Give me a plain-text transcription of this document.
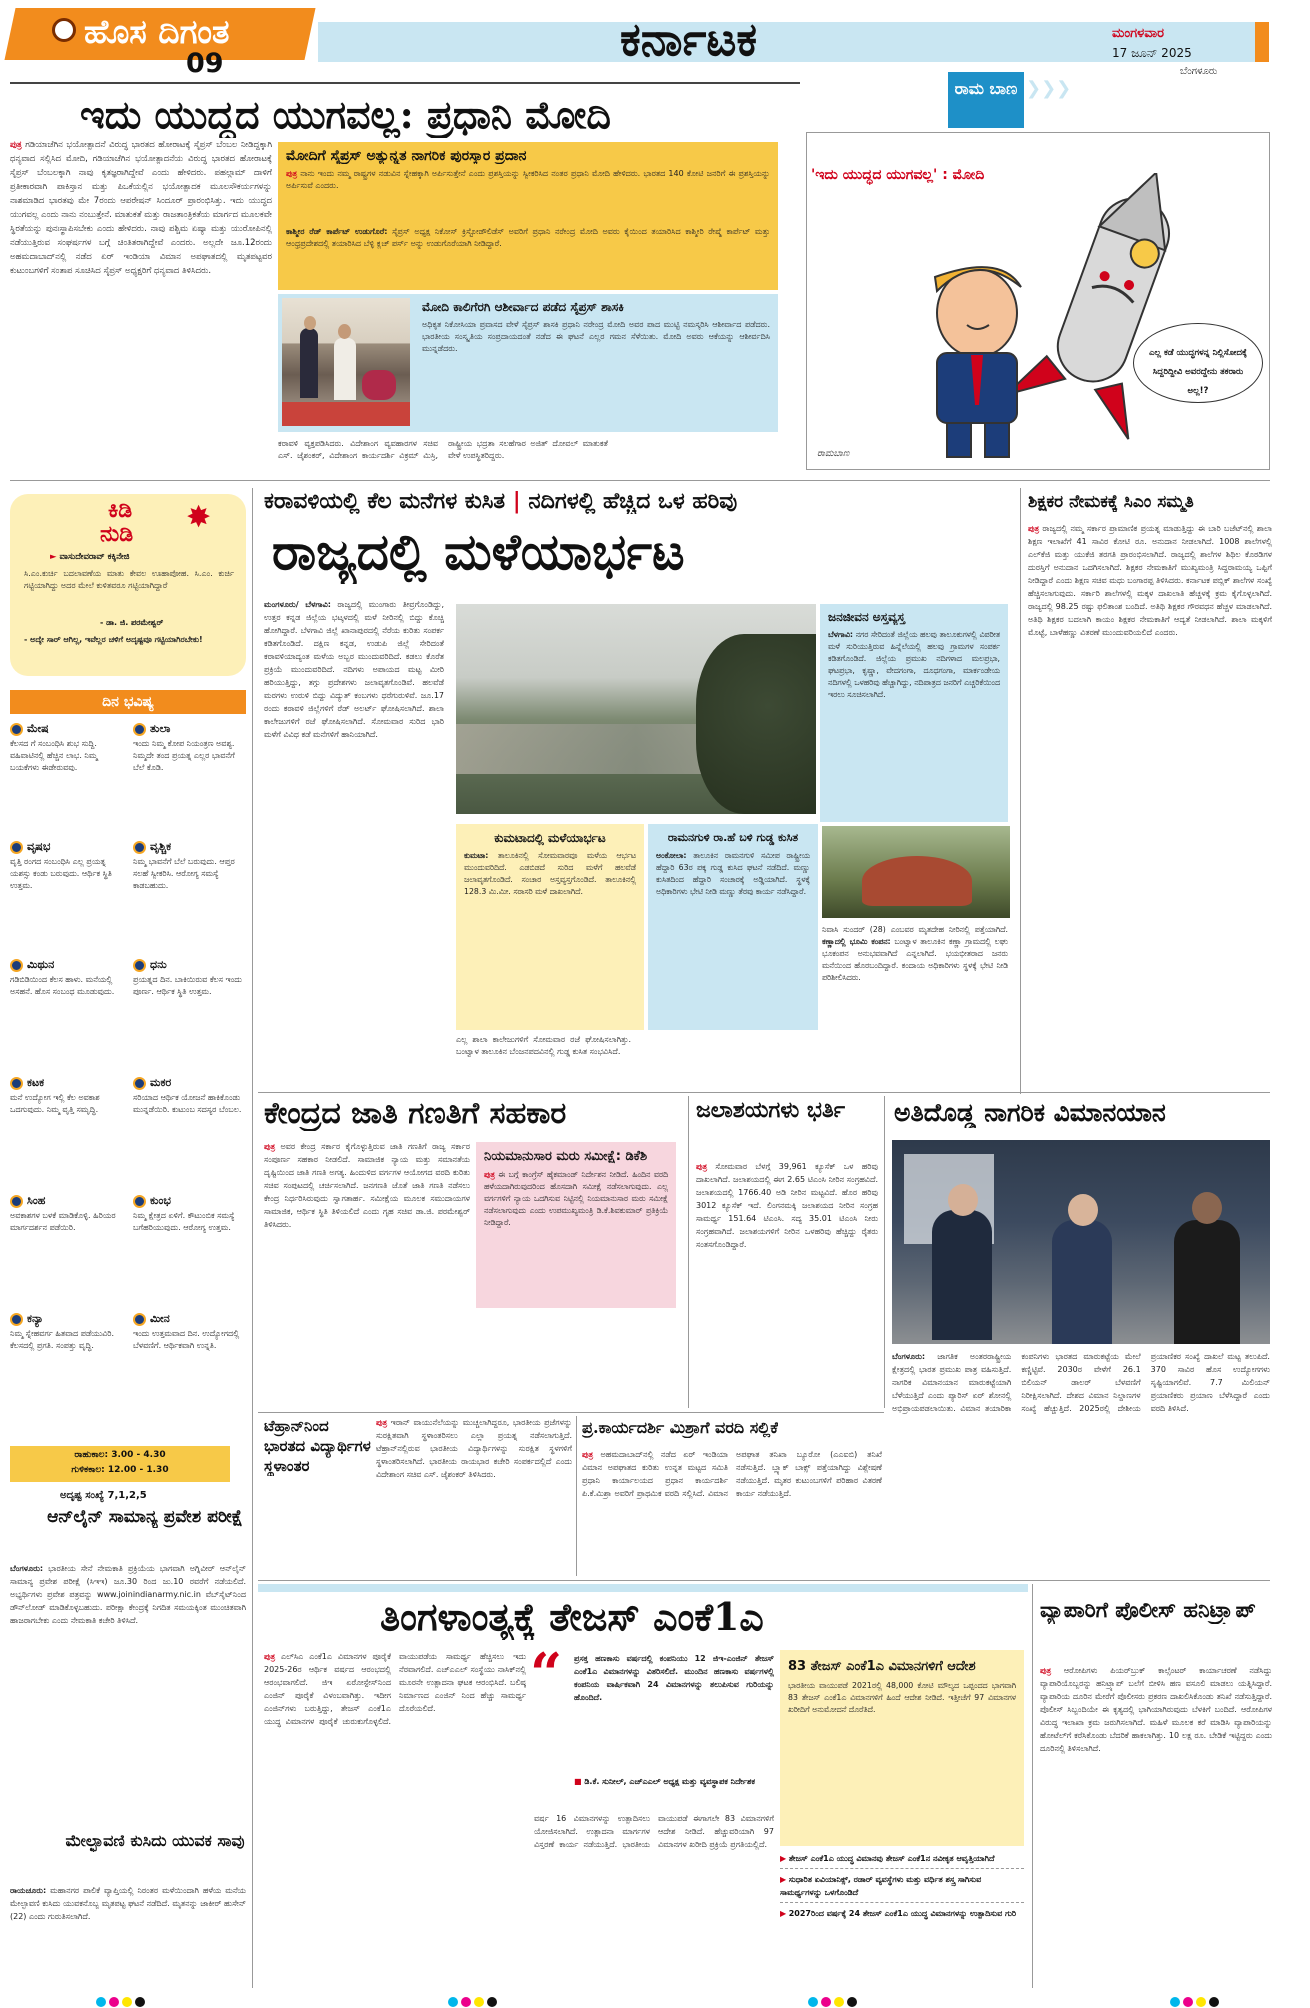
ಹೊಸ ದಿಗಂತ
09	ಕರ್ನಾಟಕ	ಮಂಗಳವಾರ
17 ಜೂನ್ 2025
ಬೆಂಗಳೂರು
ಇದು ಯುದ್ಧದ ಯುಗವಲ್ಲ: ಪ್ರಧಾನಿ ಮೋದಿ
ಪುತ್ರ ಗಡಿಯಾಚೆಗಿನ ಭಯೋತ್ಪಾದನೆ ವಿರುದ್ಧ ಭಾರತದ ಹೋರಾಟಕ್ಕೆ ಸೈಪ್ರಸ್ ಬೆಂಬಲ ನೀಡಿದ್ದಕ್ಕಾಗಿ ಧನ್ಯವಾದ ಸಲ್ಲಿಸಿದ ಮೋದಿ, ಗಡಿಯಾಚೆಗಿನ ಭಯೋತ್ಪಾದನೆಯ ವಿರುದ್ಧ ಭಾರತದ ಹೋರಾಟಕ್ಕೆ ಸೈಪ್ರಸ್ ಬೆಂಬಲಕ್ಕಾಗಿ ನಾವು ಕೃತಜ್ಞರಾಗಿದ್ದೇವೆ ಎಂದು ಹೇಳಿದರು. ಪಹಲ್ಗಾಮ್ ದಾಳಿಗೆ ಪ್ರತೀಕಾರವಾಗಿ ಪಾಕಿಸ್ತಾನ ಮತ್ತು ಪಿಒಕೆಯಲ್ಲಿನ ಭಯೋತ್ಪಾದಕ ಮೂಲಸೌಕರ್ಯಗಳನ್ನು ನಾಶಮಾಡಿದ ಭಾರತವು ಮೇ 7ರಂದು ಆಪರೇಷನ್ ಸಿಂದೂರ್ ಪ್ರಾರಂಭಿಸಿತ್ತು. ಇದು ಯುದ್ಧದ ಯುಗವಲ್ಲ ಎಂದು ನಾನು ನಂಬುತ್ತೇನೆ. ಮಾತುಕತೆ ಮತ್ತು ರಾಜತಾಂತ್ರಿಕತೆಯ ಮಾರ್ಗದ ಮೂಲಕವೇ ಸ್ಥಿರತೆಯನ್ನು ಪುನಃಸ್ಥಾಪಿಸಬೇಕು ಎಂದು ಹೇಳಿದರು. ನಾವು ಪಶ್ಚಿಮ ಏಷ್ಯಾ ಮತ್ತು ಯುರೋಪಿನಲ್ಲಿ ನಡೆಯುತ್ತಿರುವ ಸಂಘರ್ಷಗಳ ಬಗ್ಗೆ ಚಿಂತಿತರಾಗಿದ್ದೇವೆ ಎಂದರು. ಅಲ್ಲದೇ ಜೂ.12ರಂದು ಅಹಮದಾಬಾದ್‌ನಲ್ಲಿ ನಡೆದ ಏರ್ ಇಂಡಿಯಾ ವಿಮಾನ ಅಪಘಾತದಲ್ಲಿ ಮೃತಪಟ್ಟವರ ಕುಟುಂಬಗಳಿಗೆ ಸಂತಾಪ ಸೂಚಿಸಿದ ಸೈಪ್ರಸ್ ಅಧ್ಯಕ್ಷರಿಗೆ ಧನ್ಯವಾದ ತಿಳಿಸಿದರು.
ಮೋದಿಗೆ ಸೈಪ್ರಸ್ ಅತ್ಯುನ್ನತ ನಾಗರಿಕ ಪುರಸ್ಕಾರ ಪ್ರದಾನ
ಪುತ್ರ ನಾನು ಇಂದು ನಮ್ಮ ರಾಷ್ಟ್ರಗಳ ನಡುವಿನ ಸ್ನೇಹಕ್ಕಾಗಿ ಅರ್ಪಿಸುತ್ತೇನೆ ಎಂದು ಪ್ರಶಸ್ತಿಯನ್ನು ಸ್ವೀಕರಿಸಿದ ನಂತರ ಪ್ರಧಾನಿ ಮೋದಿ ಹೇಳಿದರು. ಭಾರತದ 140 ಕೋಟಿ ಜನರಿಗೆ ಈ ಪ್ರಶಸ್ತಿಯನ್ನು ಅರ್ಪಿಸುವೆ ಎಂದರು.
ಕಾಶ್ಮೀರ ರೆಡ್ ಕಾರ್ಪೆಟ್ ಉಡುಗೊರೆ: ಸೈಪ್ರಸ್ ಅಧ್ಯಕ್ಷ ನಿಕೋಸ್ ಕ್ರಿಸ್ಟೋಡೌಲಿಡೆಸ್ ಅವರಿಗೆ ಪ್ರಧಾನಿ ನರೇಂದ್ರ ಮೋದಿ ಅವರು ಕೈಯಿಂದ ತಯಾರಿಸಿದ ಕಾಶ್ಮೀರಿ ರೇಷ್ಮೆ ಕಾರ್ಪೆಟ್ ಮತ್ತು ಆಂಧ್ರಪ್ರದೇಶದಲ್ಲಿ ತಯಾರಿಸಿದ ಬೆಳ್ಳಿ ಕ್ಲಚ್ ಪರ್ಸ್ ಅನ್ನು ಉಡುಗೊರೆಯಾಗಿ ನೀಡಿದ್ದಾರೆ.
ಮೋದಿ ಕಾಲಿಗೆರಗಿ ಆಶೀರ್ವಾದ ಪಡೆದ ಸೈಪ್ರಸ್ ಶಾಸಕಿ
ಅಧಿಕೃತ ನಿಕೋಸಿಯಾ ಪ್ರವಾಸದ ವೇಳೆ ಸೈಪ್ರಸ್ ಶಾಸಕಿ ಪ್ರಧಾನಿ ನರೇಂದ್ರ ಮೋದಿ ಅವರ ಪಾದ ಮುಟ್ಟಿ ನಮಸ್ಕರಿಸಿ ಆಶೀರ್ವಾದ ಪಡೆದರು. ಭಾರತೀಯ ಸಂಸ್ಕೃತಿಯ ಸಂಪ್ರದಾಯದಂತೆ ನಡೆದ ಈ ಘಟನೆ ಎಲ್ಲರ ಗಮನ ಸೆಳೆಯಿತು. ಮೋದಿ ಅವರು ಆಕೆಯನ್ನು ಆಶೀರ್ವದಿಸಿ ಮುನ್ನಡೆದರು.
ಕರಾವಳಿ ವ್ಯಕ್ತಪಡಿಸಿದರು. ವಿದೇಶಾಂಗ ವ್ಯವಹಾರಗಳ ಸಚಿವ ಎಸ್. ಜೈಶಂಕರ್, ವಿದೇಶಾಂಗ ಕಾರ್ಯದರ್ಶಿ ವಿಕ್ರಮ್ ಮಿಸ್ರಿ, ರಾಷ್ಟ್ರೀಯ ಭದ್ರತಾ ಸಲಹೆಗಾರ ಅಜಿತ್ ದೋವಲ್ ಮಾತುಕತೆ ವೇಳೆ ಉಪಸ್ಥಿತರಿದ್ದರು.
ರಾಮ ಬಾಣ ❯❯❯
'ಇದು ಯುದ್ಧದ ಯುಗವಲ್ಲ' : ಮೋದಿ
ಎಲ್ಲ ಕಡೆ ಯುದ್ಧಗಳನ್ನ ನಿಲ್ಲಿಸೋದಕ್ಕೆ ಸಿದ್ದರಿದ್ದೀವಿ ಅವರದ್ದೇನು ತಕರಾರು ಅಲ್ಲ!?
ರಾಮಬಾಣ
ಕಿಡಿ
ನುಡಿ ✸
► ವಾಸುದೇವರಾವ್ ಕಕ್ಕಿನೇಜಿ
ಸಿ.ಎಂ.ಕುರ್ಚಿ ಬದಲಾವಣೆಯ ಮಾತು ಕೇವಲ ಊಹಾಪೋಹ. ಸಿ.ಎಂ. ಕುರ್ಚಿ ಗಟ್ಟಿಯಾಗಿದ್ದು ಅದರ ಮೇಲೆ ಕುಳಿತವರೂ ಗಟ್ಟಿಯಾಗಿದ್ದಾರೆ
- ಡಾ. ಜಿ. ಪರಮೇಶ್ವರ್
- ಅದ್ಕೇ ಸಾರ್ ಆಗಿಲ್ಲ, ಇವೆಲ್ಲರ ಚಳಿಗೆ ಅದೃಷ್ಟವೂ ಗಟ್ಟಿಯಾಗಿರಬೇಕು!
ದಿನ ಭವಿಷ್ಯ
ಮೇಷ
ಕೆಲಸದ ಗೆ ಸಂಬಂಧಿಸಿ ಶುಭ ಸುದ್ದಿ. ವಹಿವಾಟಿನಲ್ಲಿ ಹೆಚ್ಚಿನ ಲಾಭ. ನಿಮ್ಮ ಬಯಕೆಗಳು ಈಡೇರುವವು.
ತುಲಾ
ಇಂದು ನಿಮ್ಮ ಕೋಪ ನಿಯಂತ್ರಣ ಅವಶ್ಯ. ನಿಮ್ಮದೇ ತಂದ ಪ್ರಯತ್ನ ಎಲ್ಲರ ಭಾವನೆಗೆ ಬೆಲೆ ಕೊಡಿ.
ವೃಷಭ
ವೃತ್ತಿ ರಂಗದ ಸಂಬಂಧಿಸಿ ಎಲ್ಲ ಪ್ರಯತ್ನ ಯಶಸ್ಸು ಕಂಡು ಬರುವುದು. ಆರ್ಥಿಕ ಸ್ಥಿತಿ ಉತ್ತಮ.
ವೃಶ್ಚಿಕ
ನಿಮ್ಮ ಭಾವನೆಗೆ ಬೆಲೆ ಬರುವುದು. ಆಪ್ತರ ಸಲಹೆ ಸ್ವೀಕರಿಸಿ. ಆರೋಗ್ಯ ಸಮಸ್ಯೆ ಕಾಡಬಹುದು.
ಮಿಥುನ
ಗಡಿಬಿಡಿಯಿಂದ ಕೆಲಸ ಹಾಳು. ಮನೆಯಲ್ಲಿ ಅಸಹನೆ. ಹೊಸ ಸಂಬಂಧ ಮೂಡುವುದು.
ಧನು
ಪ್ರಯತ್ನದ ದಿನ. ಬಾಕಿಯಿರುವ ಕೆಲಸ ಇಂದು ಪೂರ್ಣ. ಆರ್ಥಿಕ ಸ್ಥಿತಿ ಉತ್ತಮ.
ಕಟಕ
ಮನೆ ಉದ್ಯೋಗ ಇಲ್ಲಿ ಕೆಲ ಅವಕಾಶ ಒದಗುವುದು. ನಿಮ್ಮ ವೃತ್ತಿ ಸಮೃದ್ಧಿ.
ಮಕರ
ಸರಿಯಾದ ಆರ್ಥಿಕ ಯೋಜನೆ ಹಾಕಿಕೊಂಡು ಮುನ್ನಡೆಯಿರಿ. ಕುಟುಂಬ ಸದಸ್ಯರ ಬೆಂಬಲ.
ಸಿಂಹ
ಅವಕಾಶಗಳ ಬಳಕೆ ಮಾಡಿಕೊಳ್ಳಿ. ಹಿರಿಯರ ಮಾರ್ಗದರ್ಶನ ಪಡೆಯಿರಿ.
ಕುಂಭ
ನಿಮ್ಮ ಕ್ಷೇತ್ರದ ಏಳಿಗೆ. ಕೌಟುಂಬಿಕ ಸಮಸ್ಯೆ ಬಗೆಹರಿಯುವುದು. ಆರೋಗ್ಯ ಉತ್ತಮ.
ಕನ್ಯಾ
ನಿಮ್ಮ ಸ್ನೇಹವರ್ಗ ಹಿತವಾದ ಪಡೆಯುವಿರಿ. ಕೆಲಸದಲ್ಲಿ ಪ್ರಗತಿ. ಸಂಪತ್ತು ವೃದ್ಧಿ.
ಮೀನ
ಇಂದು ಉತ್ತಮವಾದ ದಿನ. ಉದ್ಯೋಗದಲ್ಲಿ ಬೆಳವಣಿಗೆ. ಆರ್ಥಿಕವಾಗಿ ಉನ್ನತಿ.
ರಾಹುಕಾಲ: 3.00 - 4.30
ಗುಳಿಕಕಾಲ: 12.00 - 1.30
ಅದೃಷ್ಟ ಸಂಖ್ಯೆ 7,1,2,5
ಆನ್‌ಲೈನ್ ಸಾಮಾನ್ಯ ಪ್ರವೇಶ ಪರೀಕ್ಷೆ
ಬೆಂಗಳೂರು: ಭಾರತೀಯ ಸೇನೆ ನೇಮಕಾತಿ ಪ್ರಕ್ರಿಯೆಯ ಭಾಗವಾಗಿ ಅಗ್ನಿವೀರ್ ಆನ್‌ಲೈನ್ ಸಾಮಾನ್ಯ ಪ್ರವೇಶ ಪರೀಕ್ಷೆ (ಸಿಇಇ) ಜೂ.30 ರಿಂದ ಜು.10 ರವರೆಗೆ ನಡೆಯಲಿದೆ. ಅಭ್ಯರ್ಥಿಗಳು ಪ್ರವೇಶ ಪತ್ರವನ್ನು www.joinindianarmy.nic.in ವೆಬ್‌ಸೈಟ್‌ನಿಂದ ಡೌನ್‌ಲೋಡ್ ಮಾಡಿಕೊಳ್ಳಬಹುದು. ಪರೀಕ್ಷಾ ಕೇಂದ್ರಕ್ಕೆ ನಿಗದಿತ ಸಮಯಕ್ಕಿಂತ ಮುಂಚಿತವಾಗಿ ಹಾಜರಾಗಬೇಕು ಎಂದು ನೇಮಕಾತಿ ಕಚೇರಿ ತಿಳಿಸಿದೆ.
ಮೇಲ್ಛಾವಣಿ ಕುಸಿದು ಯುವಕ ಸಾವು
ರಾಯಚೂರು: ಮಹಾನಗರ ಪಾಲಿಕೆ ವ್ಯಾಪ್ತಿಯಲ್ಲಿ ನಿರಂತರ ಮಳೆಯಿಂದಾಗಿ ಹಳೆಯ ಮನೆಯ ಮೇಲ್ಛಾವಣಿ ಕುಸಿದು ಯುವಕನೊಬ್ಬ ಮೃತಪಟ್ಟ ಘಟನೆ ನಡೆದಿದೆ. ಮೃತನನ್ನು ಜಾಕೀರ್ ಹುಸೇನ್ (22) ಎಂದು ಗುರುತಿಸಲಾಗಿದೆ.
ಕರಾವಳಿಯಲ್ಲಿ ಕೆಲ ಮನೆಗಳ ಕುಸಿತ | ನದಿಗಳಲ್ಲಿ ಹೆಚ್ಚಿದ ಒಳ ಹರಿವು
ರಾಜ್ಯದಲ್ಲಿ ಮಳೆಯಾರ್ಭಟ
ಮಂಗಳೂರು/ ಬೆಳಗಾವಿ: ರಾಜ್ಯದಲ್ಲಿ ಮುಂಗಾರು ತೀವ್ರಗೊಂಡಿದ್ದು, ಉತ್ತರ ಕನ್ನಡ ಜಿಲ್ಲೆಯ ಭಟ್ಕಳದಲ್ಲಿ ಮಳೆ ನೀರಿನಲ್ಲಿ ಬಿದ್ದು ಕೊಚ್ಚಿ ಹೋಗಿದ್ದಾರೆ. ಬೆಳಗಾವಿ ಜಿಲ್ಲೆ ಖಾನಾಪುರದಲ್ಲಿ ನೆರೆಯ ಕುರಿತು ಸಂಪರ್ಕ ಕಡಿತಗೊಂಡಿದೆ. ದಕ್ಷಿಣ ಕನ್ನಡ, ಉಡುಪಿ ಜಿಲ್ಲೆ ಸೇರಿದಂತೆ ಕರಾವಳಿಯಾದ್ಯಂತ ಮಳೆಯ ಅಬ್ಬರ ಮುಂದುವರಿದಿದೆ. ಕಡಲು ಕೊರೆತ ಪ್ರಕ್ರಿಯೆ ಮುಂದುವರಿದಿದೆ. ನದಿಗಳು ಅಪಾಯದ ಮಟ್ಟ ಮೀರಿ ಹರಿಯುತ್ತಿದ್ದು, ತಗ್ಗು ಪ್ರದೇಶಗಳು ಜಲಾವೃತಗೊಂಡಿವೆ. ಹಲವೆಡೆ ಮರಗಳು ಉರುಳಿ ಬಿದ್ದು ವಿದ್ಯುತ್ ಕಂಬಗಳು ಧರೆಗುರುಳಿವೆ. ಜೂ.17 ರಂದು ಕರಾವಳಿ ಜಿಲ್ಲೆಗಳಿಗೆ ರೆಡ್ ಅಲರ್ಟ್ ಘೋಷಿಸಲಾಗಿದೆ. ಶಾಲಾ ಕಾಲೇಜುಗಳಿಗೆ ರಜೆ ಘೋಷಿಸಲಾಗಿದೆ. ಸೋಮವಾರ ಸುರಿದ ಭಾರಿ ಮಳೆಗೆ ವಿವಿಧ ಕಡೆ ಮನೆಗಳಿಗೆ ಹಾನಿಯಾಗಿದೆ.
ಜನಜೀವನ ಅಸ್ತವ್ಯಸ್ತ
ಬೆಳಗಾವಿ: ನಗರ ಸೇರಿದಂತೆ ಜಿಲ್ಲೆಯ ಹಲವು ತಾಲೂಕುಗಳಲ್ಲಿ ವಿಪರೀತ ಮಳೆ ಸುರಿಯುತ್ತಿರುವ ಹಿನ್ನೆಲೆಯಲ್ಲಿ ಹಲವು ಗ್ರಾಮಗಳ ಸಂಪರ್ಕ ಕಡಿತಗೊಂಡಿದೆ. ಜಿಲ್ಲೆಯ ಪ್ರಮುಖ ನದಿಗಳಾದ ಮಲಪ್ರಭಾ, ಘಟಪ್ರಭಾ, ಕೃಷ್ಣಾ, ವೇದಗಂಗಾ, ದೂಧಗಂಗಾ, ಮಾರ್ಕಂಡೇಯ ನದಿಗಳಲ್ಲಿ ಒಳಹರಿವು ಹೆಚ್ಚಾಗಿದ್ದು, ನದಿಪಾತ್ರದ ಜನರಿಗೆ ಎಚ್ಚರಿಕೆಯಿಂದ ಇರಲು ಸೂಚಿಸಲಾಗಿದೆ.
ಕುಮಟಾದಲ್ಲಿ ಮಳೆಯಾರ್ಭಟ
ಕುಮಟಾ: ತಾಲೂಕಿನಲ್ಲಿ ಸೋಮವಾರವೂ ಮಳೆಯ ಆರ್ಭಟ ಮುಂದುವರಿದಿದೆ. ಎಡಬಿಡದೆ ಸುರಿದ ಮಳೆಗೆ ಹಲವೆಡೆ ಜಲಾವೃತಗೊಂಡಿದೆ. ಸಂಚಾರ ಅಸ್ತವ್ಯಸ್ತಗೊಂಡಿದೆ. ತಾಲೂಕಿನಲ್ಲಿ 128.3 ಮಿ.ಮೀ. ಸರಾಸರಿ ಮಳೆ ದಾಖಲಾಗಿದೆ.
ರಾಮನಗುಳಿ ರಾ.ಹೆ ಬಳಿ ಗುಡ್ಡ ಕುಸಿತ
ಅಂಕೋಲಾ: ತಾಲೂಕಿನ ರಾಮನಗುಳಿ ಸಮೀಪ ರಾಷ್ಟ್ರೀಯ ಹೆದ್ದಾರಿ 63ರ ಪಕ್ಕ ಗುಡ್ಡ ಕುಸಿದ ಘಟನೆ ನಡೆದಿದೆ. ಮಣ್ಣು ಕುಸಿತದಿಂದ ಹೆದ್ದಾರಿ ಸಂಚಾರಕ್ಕೆ ಅಡ್ಡಿಯಾಗಿದೆ. ಸ್ಥಳಕ್ಕೆ ಅಧಿಕಾರಿಗಳು ಭೇಟಿ ನೀಡಿ ಮಣ್ಣು ತೆರವು ಕಾರ್ಯ ನಡೆಸಿದ್ದಾರೆ.
ನಿವಾಸಿ ಸುಂದರ್ (28) ಎಂಬವರ ಮೃತದೇಹ ನೀರಿನಲ್ಲಿ ಪತ್ತೆಯಾಗಿದೆ. ಕಣ್ಣಾದಲ್ಲಿ ಭೂಮಿ ಕಂಪನ: ಬಂಟ್ವಾಳ ತಾಲೂಕಿನ ಕಣ್ಣಾ ಗ್ರಾಮದಲ್ಲಿ ಲಘು ಭೂಕಂಪನ ಅನುಭವವಾಗಿದೆ ಎನ್ನಲಾಗಿದೆ. ಭಯಭೀತರಾದ ಜನರು ಮನೆಯಿಂದ ಹೊರಬಂದಿದ್ದಾರೆ. ಕಂದಾಯ ಅಧಿಕಾರಿಗಳು ಸ್ಥಳಕ್ಕೆ ಭೇಟಿ ನೀಡಿ ಪರಿಶೀಲಿಸಿದರು.
ಎಲ್ಲ ಶಾಲಾ ಕಾಲೇಜುಗಳಿಗೆ ಸೋಮವಾರ ರಜೆ ಘೋಷಿಸಲಾಗಿತ್ತು. ಬಂಟ್ವಾಳ ತಾಲೂಕಿನ ಬೆಂಜನಪದವಿನಲ್ಲಿ ಗುಡ್ಡ ಕುಸಿತ ಸಂಭವಿಸಿದೆ.
ಶಿಕ್ಷಕರ ನೇಮಕಕ್ಕೆ ಸಿಎಂ ಸಮ್ಮತಿ
ಪುತ್ರ ರಾಜ್ಯದಲ್ಲಿ ನಮ್ಮ ಸರ್ಕಾರ ಪ್ರಾಮಾಣಿಕ ಪ್ರಯತ್ನ ಮಾಡುತ್ತಿದ್ದು ಈ ಬಾರಿ ಬಜೆಟ್‌ನಲ್ಲಿ ಶಾಲಾ ಶಿಕ್ಷಣ ಇಲಾಖೆಗೆ 41 ಸಾವಿರ ಕೋಟಿ ರೂ. ಅನುದಾನ ನೀಡಲಾಗಿದೆ. 1008 ಶಾಲೆಗಳಲ್ಲಿ ಎಲ್‌ಕೆಜಿ ಮತ್ತು ಯುಕೆಜಿ ತರಗತಿ ಪ್ರಾರಂಭಿಸಲಾಗಿದೆ. ರಾಜ್ಯದಲ್ಲಿ ಶಾಲೆಗಳ ಶಿಥಿಲ ಕೊಠಡಿಗಳ ದುರಸ್ತಿಗೆ ಅನುದಾನ ಒದಗಿಸಲಾಗಿದೆ. ಶಿಕ್ಷಕರ ನೇಮಕಾತಿಗೆ ಮುಖ್ಯಮಂತ್ರಿ ಸಿದ್ದರಾಮಯ್ಯ ಒಪ್ಪಿಗೆ ನೀಡಿದ್ದಾರೆ ಎಂದು ಶಿಕ್ಷಣ ಸಚಿವ ಮಧು ಬಂಗಾರಪ್ಪ ತಿಳಿಸಿದರು. ಕರ್ನಾಟಕ ಪಬ್ಲಿಕ್ ಶಾಲೆಗಳ ಸಂಖ್ಯೆ ಹೆಚ್ಚಿಸಲಾಗುವುದು. ಸರ್ಕಾರಿ ಶಾಲೆಗಳಲ್ಲಿ ಮಕ್ಕಳ ದಾಖಲಾತಿ ಹೆಚ್ಚಳಕ್ಕೆ ಕ್ರಮ ಕೈಗೊಳ್ಳಲಾಗಿದೆ. ರಾಜ್ಯದಲ್ಲಿ 98.25 ರಷ್ಟು ಫಲಿತಾಂಶ ಬಂದಿದೆ. ಅತಿಥಿ ಶಿಕ್ಷಕರ ಗೌರವಧನ ಹೆಚ್ಚಳ ಮಾಡಲಾಗಿದೆ. ಅತಿಥಿ ಶಿಕ್ಷಕರ ಬದಲಾಗಿ ಕಾಯಂ ಶಿಕ್ಷಕರ ನೇಮಕಾತಿಗೆ ಆದ್ಯತೆ ನೀಡಲಾಗಿದೆ. ಶಾಲಾ ಮಕ್ಕಳಿಗೆ ಮೊಟ್ಟೆ, ಬಾಳೆಹಣ್ಣು ವಿತರಣೆ ಮುಂದುವರಿಯಲಿದೆ ಎಂದರು.
ಕೇಂದ್ರದ ಜಾತಿ ಗಣತಿಗೆ ಸಹಕಾರ
ಪುತ್ರ ಅವರ ಕೇಂದ್ರ ಸರ್ಕಾರ ಕೈಗೊಳ್ಳುತ್ತಿರುವ ಜಾತಿ ಗಣತಿಗೆ ರಾಜ್ಯ ಸರ್ಕಾರ ಸಂಪೂರ್ಣ ಸಹಕಾರ ನೀಡಲಿದೆ. ಸಾಮಾಜಿಕ ನ್ಯಾಯ ಮತ್ತು ಸಮಾನತೆಯ ದೃಷ್ಟಿಯಿಂದ ಜಾತಿ ಗಣತಿ ಅಗತ್ಯ. ಹಿಂದುಳಿದ ವರ್ಗಗಳ ಆಯೋಗದ ವರದಿ ಕುರಿತು ಸಚಿವ ಸಂಪುಟದಲ್ಲಿ ಚರ್ಚಿಸಲಾಗಿದೆ. ಜನಗಣತಿ ಜೊತೆ ಜಾತಿ ಗಣತಿ ನಡೆಸಲು ಕೇಂದ್ರ ನಿರ್ಧರಿಸಿರುವುದು ಸ್ವಾಗತಾರ್ಹ. ಸಮೀಕ್ಷೆಯ ಮೂಲಕ ಸಮುದಾಯಗಳ ಸಾಮಾಜಿಕ, ಆರ್ಥಿಕ ಸ್ಥಿತಿ ತಿಳಿಯಲಿದೆ ಎಂದು ಗೃಹ ಸಚಿವ ಡಾ.ಜಿ. ಪರಮೇಶ್ವರ್ ತಿಳಿಸಿದರು.
ನಿಯಮಾನುಸಾರ ಮರು ಸಮೀಕ್ಷೆ: ಡಿಕೆಶಿ
ಪುತ್ರ ಈ ಬಗ್ಗೆ ಕಾಂಗ್ರೆಸ್ ಹೈಕಮಾಂಡ್ ನಿರ್ದೇಶನ ನೀಡಿದೆ. ಹಿಂದಿನ ವರದಿ ಹಳೆಯದಾಗಿರುವುದರಿಂದ ಹೊಸದಾಗಿ ಸಮೀಕ್ಷೆ ನಡೆಸಲಾಗುವುದು. ಎಲ್ಲ ವರ್ಗಗಳಿಗೆ ನ್ಯಾಯ ಒದಗಿಸುವ ನಿಟ್ಟಿನಲ್ಲಿ ನಿಯಮಾನುಸಾರ ಮರು ಸಮೀಕ್ಷೆ ನಡೆಸಲಾಗುವುದು ಎಂದು ಉಪಮುಖ್ಯಮಂತ್ರಿ ಡಿ.ಕೆ.ಶಿವಕುಮಾರ್ ಪ್ರತಿಕ್ರಿಯೆ ನೀಡಿದ್ದಾರೆ.
ಜಲಾಶಯಗಳು ಭರ್ತಿ
ಪುತ್ರ ಸೋಮವಾರ ಬೆಳಗ್ಗೆ 39,961 ಕ್ಯೂಸೆಕ್ ಒಳ ಹರಿವು ದಾಖಲಾಗಿದೆ. ಜಲಾಶಯದಲ್ಲಿ ಈಗ 2.65 ಟಿಎಂಸಿ ನೀರಿನ ಸಂಗ್ರಹವಿದೆ. ಜಲಾಶಯದಲ್ಲಿ 1766.40 ಅಡಿ ನೀರಿನ ಮಟ್ಟವಿದೆ. ಹೊರ ಹರಿವು 3012 ಕ್ಯೂಸೆಕ್ ಇದೆ. ಲಿಂಗನಮಕ್ಕಿ ಜಲಾಶಯದ ನೀರಿನ ಸಂಗ್ರಹ ಸಾಮರ್ಥ್ಯ 151.64 ಟಿಎಂಸಿ. ಸದ್ಯ 35.01 ಟಿಎಂಸಿ ನೀರು ಸಂಗ್ರಹವಾಗಿದೆ. ಜಲಾಶಯಗಳಿಗೆ ನೀರಿನ ಒಳಹರಿವು ಹೆಚ್ಚಿದ್ದು ರೈತರು ಸಂತಸಗೊಂಡಿದ್ದಾರೆ.
ಅತಿದೊಡ್ಡ ನಾಗರಿಕ ವಿಮಾನಯಾನ
ಬೆಂಗಳೂರು: ಜಾಗತಿಕ ಅಂತರರಾಷ್ಟ್ರೀಯ ಕ್ಷೇತ್ರದಲ್ಲಿ ಭಾರತ ಪ್ರಮುಖ ಪಾತ್ರ ವಹಿಸುತ್ತಿದೆ. ನಾಗರಿಕ ವಿಮಾನಯಾನ ಮಾರುಕಟ್ಟೆಯಾಗಿ ಬೆಳೆಯುತ್ತಿದೆ ಎಂದು ಪ್ಯಾರಿಸ್ ಏರ್ ಶೋನಲ್ಲಿ ಅಭಿಪ್ರಾಯಪಡಲಾಯಿತು. ವಿಮಾನ ತಯಾರಿಕಾ ಕಂಪನಿಗಳು ಭಾರತದ ಮಾರುಕಟ್ಟೆಯ ಮೇಲೆ ಕಣ್ಣಿಟ್ಟಿವೆ. 2030ರ ವೇಳೆಗೆ 26.1 ಬಿಲಿಯನ್ ಡಾಲರ್ ಬೆಳವಣಿಗೆ ನಿರೀಕ್ಷಿಸಲಾಗಿದೆ. ದೇಶದ ವಿಮಾನ ನಿಲ್ದಾಣಗಳ ಸಂಖ್ಯೆ ಹೆಚ್ಚುತ್ತಿದೆ. 2025ರಲ್ಲಿ ದೇಶೀಯ ಪ್ರಯಾಣಿಕರ ಸಂಖ್ಯೆ ದಾಖಲೆ ಮಟ್ಟ ತಲುಪಿದೆ. 370 ಸಾವಿರ ಹೊಸ ಉದ್ಯೋಗಗಳು ಸೃಷ್ಟಿಯಾಗಲಿವೆ. 7.7 ಮಿಲಿಯನ್ ಪ್ರಯಾಣಿಕರು ಪ್ರಯಾಣ ಬೆಳೆಸಿದ್ದಾರೆ ಎಂದು ವರದಿ ತಿಳಿಸಿದೆ.
ಟೆಹ್ರಾನ್‌ನಿಂದ ಭಾರತದ ವಿದ್ಯಾರ್ಥಿಗಳ ಸ್ಥಳಾಂತರ
ಪುತ್ರ ಇರಾನ್ ವಾಯುನೆಲೆಯನ್ನು ಮುಚ್ಚಲಾಗಿದ್ದರೂ, ಭಾರತೀಯ ಪ್ರಜೆಗಳನ್ನು ಸುರಕ್ಷಿತವಾಗಿ ಸ್ಥಳಾಂತರಿಸಲು ಎಲ್ಲಾ ಪ್ರಯತ್ನ ನಡೆಸಲಾಗುತ್ತಿದೆ. ಟೆಹ್ರಾನ್‌ನಲ್ಲಿರುವ ಭಾರತೀಯ ವಿದ್ಯಾರ್ಥಿಗಳನ್ನು ಸುರಕ್ಷಿತ ಸ್ಥಳಗಳಿಗೆ ಸ್ಥಳಾಂತರಿಸಲಾಗಿದೆ. ಭಾರತೀಯ ರಾಯಭಾರ ಕಚೇರಿ ಸಂಪರ್ಕದಲ್ಲಿದೆ ಎಂದು ವಿದೇಶಾಂಗ ಸಚಿವ ಎಸ್. ಜೈಶಂಕರ್ ತಿಳಿಸಿದರು.
ಪ್ರ.ಕಾರ್ಯದರ್ಶಿ ಮಿಶ್ರಾಗೆ ವರದಿ ಸಲ್ಲಿಕೆ
ಪುತ್ರ ಅಹಮದಾಬಾದ್‌ನಲ್ಲಿ ನಡೆದ ಏರ್ ಇಂಡಿಯಾ ವಿಮಾನ ಅಪಘಾತದ ಕುರಿತು ಉನ್ನತ ಮಟ್ಟದ ಸಮಿತಿ ಪ್ರಧಾನಿ ಕಾರ್ಯಾಲಯದ ಪ್ರಧಾನ ಕಾರ್ಯದರ್ಶಿ ಪಿ.ಕೆ.ಮಿಶ್ರಾ ಅವರಿಗೆ ಪ್ರಾಥಮಿಕ ವರದಿ ಸಲ್ಲಿಸಿದೆ. ವಿಮಾನ ಅಪಘಾತ ತನಿಖಾ ಬ್ಯೂರೋ (ಎಎಐಬಿ) ತನಿಖೆ ನಡೆಸುತ್ತಿದೆ. ಬ್ಲ್ಯಾಕ್ ಬಾಕ್ಸ್ ಪತ್ತೆಯಾಗಿದ್ದು ವಿಶ್ಲೇಷಣೆ ನಡೆಯುತ್ತಿದೆ. ಮೃತರ ಕುಟುಂಬಗಳಿಗೆ ಪರಿಹಾರ ವಿತರಣೆ ಕಾರ್ಯ ನಡೆಯುತ್ತಿದೆ.
ತಿಂಗಳಾಂತ್ಯಕ್ಕೆ ತೇಜಸ್ ಎಂಕೆ1ಎ
ಪುತ್ರ ಎಲ್‌ಸಿಎ ಎಂಕೆ1ಎ ವಿಮಾನಗಳ ಪೂರೈಕೆ 2025-26ರ ಆರ್ಥಿಕ ವರ್ಷದ ಆರಂಭದಲ್ಲಿ ಆರಂಭವಾಗಲಿದೆ. ಜಿಇ ಏರೋಸ್ಪೇಸ್‌ನಿಂದ ಎಂಜಿನ್ ಪೂರೈಕೆ ವಿಳಂಬವಾಗಿತ್ತು. ಇದೀಗ ಎಂಜಿನ್‌ಗಳು ಬರುತ್ತಿದ್ದು, ತೇಜಸ್ ಎಂಕೆ1ಎ ಯುದ್ಧ ವಿಮಾನಗಳ ಪೂರೈಕೆ ಚುರುಕುಗೊಳ್ಳಲಿದೆ. ವಾಯುಪಡೆಯ ಸಾಮರ್ಥ್ಯ ಹೆಚ್ಚಿಸಲು ಇದು ನೆರವಾಗಲಿದೆ. ಎಚ್‌ಎಎಲ್ ಸಂಸ್ಥೆಯು ನಾಸಿಕ್‌ನಲ್ಲಿ ಮೂರನೇ ಉತ್ಪಾದನಾ ಘಟಕ ಆರಂಭಿಸಿದೆ. ಬಲಿಷ್ಠ ನಿರ್ಮಾಣದ ಎಂಜಿನ್ ನಿಂದ ಹೆಚ್ಚು ಸಾಮರ್ಥ್ಯ ದೊರೆಯಲಿದೆ.
“ ಪ್ರಸಕ್ತ ಹಣಕಾಸು ವರ್ಷದಲ್ಲಿ ಕಂಪನಿಯು 12 ಜಿಇ-ಎಂಜಿನ್ ತೇಜಸ್ ಎಂಕೆ1ಎ ವಿಮಾನಗಳನ್ನು ವಿತರಿಸಲಿದೆ. ಮುಂದಿನ ಹಣಕಾಸು ವರ್ಷಗಳಲ್ಲಿ ಕಂಪನಿಯ ವಾರ್ಷಿಕವಾಗಿ 24 ವಿಮಾನಗಳನ್ನು ತಲುಪಿಸುವ ಗುರಿಯನ್ನು ಹೊಂದಿದೆ.
■ ಡಿ.ಕೆ. ಸುನೀಲ್, ಎಚ್‌ಎಎಲ್ ಅಧ್ಯಕ್ಷ ಮತ್ತು ವ್ಯವಸ್ಥಾಪಕ ನಿರ್ದೇಶಕ
ವರ್ಷ 16 ವಿಮಾನಗಳನ್ನು ಉತ್ಪಾದಿಸಲು ಯೋಜಿಸಲಾಗಿದೆ. ಉತ್ಪಾದನಾ ಮಾರ್ಗಗಳ ವಿಸ್ತರಣೆ ಕಾರ್ಯ ನಡೆಯುತ್ತಿದೆ. ಭಾರತೀಯ ವಾಯುಪಡೆ ಈಗಾಗಲೇ 83 ವಿಮಾನಗಳಿಗೆ ಆದೇಶ ನೀಡಿದೆ. ಹೆಚ್ಚುವರಿಯಾಗಿ 97 ವಿಮಾನಗಳ ಖರೀದಿ ಪ್ರಕ್ರಿಯೆ ಪ್ರಗತಿಯಲ್ಲಿದೆ.
83 ತೇಜಸ್ ಎಂಕೆ1ಎ ವಿಮಾನಗಳಿಗೆ ಆದೇಶ
ಭಾರತೀಯ ವಾಯುಪಡೆ 2021ರಲ್ಲಿ 48,000 ಕೋಟಿ ಮೌಲ್ಯದ ಒಪ್ಪಂದದ ಭಾಗವಾಗಿ 83 ತೇಜಸ್ ಎಂಕೆ1ಎ ವಿಮಾನಗಳಿಗೆ ಹಿಂದೆ ಆದೇಶ ನೀಡಿದೆ. ಇತ್ತೀಚೆಗೆ 97 ವಿಮಾನಗಳ ಖರೀದಿಗೆ ಅನುಮೋದನೆ ದೊರೆತಿದೆ.
▶ ತೇಜಸ್ ಎಂಕೆ1ಎ ಯುದ್ಧ ವಿಮಾನವು ತೇಜಸ್ ಎಂಕೆ1ನ ನವೀಕೃತ ಆವೃತ್ತಿಯಾಗಿದೆ
▶ ಸುಧಾರಿತ ಏವಿಯಾನಿಕ್ಸ್, ರಡಾರ್ ವ್ಯವಸ್ಥೆಗಳು ಮತ್ತು ವರ್ಧಿತ ಶಸ್ತ್ರ ಸಾಗಿಸುವ ಸಾಮರ್ಥ್ಯಗಳನ್ನು ಒಳಗೊಂಡಿದೆ
▶ 2027ರಿಂದ ವರ್ಷಕ್ಕೆ 24 ತೇಜಸ್ ಎಂಕೆ1ಎ ಯುದ್ಧ ವಿಮಾನಗಳನ್ನು ಉತ್ಪಾದಿಸುವ ಗುರಿ
ವ್ಯಾಪಾರಿಗೆ ಪೊಲೀಸ್ ಹನಿಟ್ರ್ಯಾಪ್
ಪುತ್ರ ಆರೋಪಿಗಳು ಪಿಯರ್‌ಬ್ರುಕ್ ಕಾಲ್ಸೆಂಟರ್ ಕಾರ್ಯಾಚರಣೆ ನಡೆಸಿದ್ದು ವ್ಯಾಪಾರಿಯೊಬ್ಬರನ್ನು ಹನಿಟ್ರ್ಯಾಪ್ ಬಲೆಗೆ ಬೀಳಿಸಿ ಹಣ ವಸೂಲಿ ಮಾಡಲು ಯತ್ನಿಸಿದ್ದಾರೆ. ವ್ಯಾಪಾರಿಯ ದೂರಿನ ಮೇರೆಗೆ ಪೊಲೀಸರು ಪ್ರಕರಣ ದಾಖಲಿಸಿಕೊಂಡು ತನಿಖೆ ನಡೆಸುತ್ತಿದ್ದಾರೆ. ಪೊಲೀಸ್ ಸಿಬ್ಬಂದಿಯೇ ಈ ಕೃತ್ಯದಲ್ಲಿ ಭಾಗಿಯಾಗಿರುವುದು ಬೆಳಕಿಗೆ ಬಂದಿದೆ. ಆರೋಪಿಗಳ ವಿರುದ್ಧ ಇಲಾಖಾ ಕ್ರಮ ಜರುಗಿಸಲಾಗಿದೆ. ಮಹಿಳೆ ಮೂಲಕ ಕರೆ ಮಾಡಿಸಿ ವ್ಯಾಪಾರಿಯನ್ನು ಹೋಟೆಲ್‌ಗೆ ಕರೆಸಿಕೊಂಡು ಬೆದರಿಕೆ ಹಾಕಲಾಗಿತ್ತು. 10 ಲಕ್ಷ ರೂ. ಬೇಡಿಕೆ ಇಟ್ಟಿದ್ದರು ಎಂದು ದೂರಿನಲ್ಲಿ ತಿಳಿಸಲಾಗಿದೆ.
